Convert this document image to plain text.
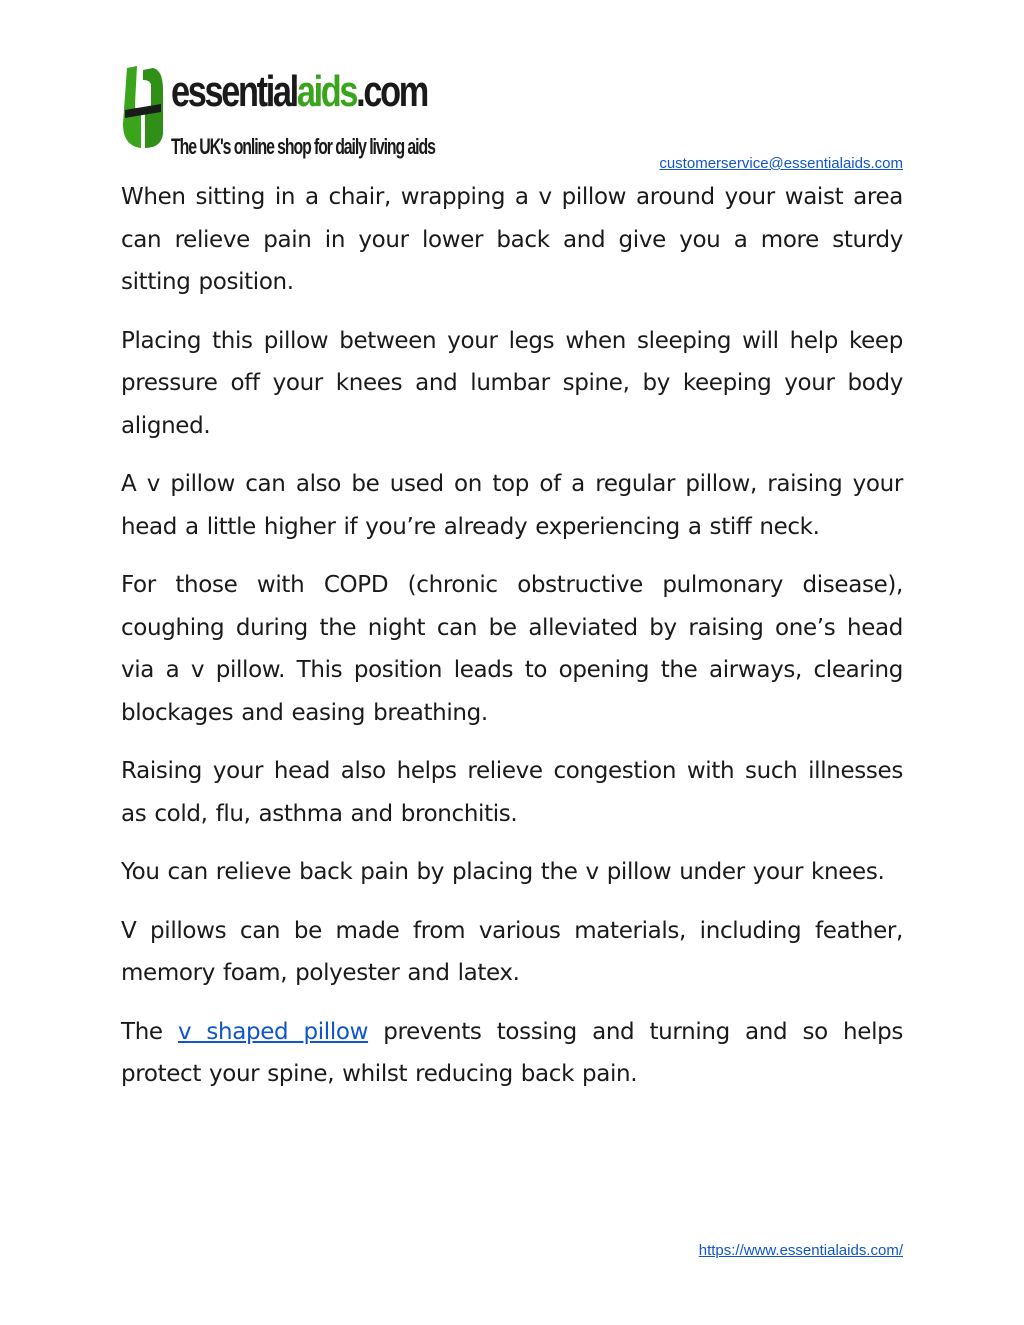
essentialaids.com
The UK's online shop for daily living aids
customerservice@essentialaids.com

When sitting in a chair, wrapping a v pillow around your waist area can relieve pain in your lower back and give you a more sturdy sitting position.

Placing this pillow between your legs when sleeping will help keep pressure off your knees and lumbar spine, by keeping your body aligned.

A v pillow can also be used on top of a regular pillow, raising your head a little higher if you’re already experiencing a stiff neck.

For those with COPD (chronic obstructive pulmonary disease), coughing during the night can be alleviated by raising one’s head via a v pillow. This position leads to opening the airways, clearing blockages and easing breathing.

Raising your head also helps relieve congestion with such illnesses as cold, flu, asthma and bronchitis.

You can relieve back pain by placing the v pillow under your knees.

V pillows can be made from various materials, including feather, memory foam, polyester and latex.

The v shaped pillow prevents tossing and turning and so helps protect your spine, whilst reducing back pain.

https://www.essentialaids.com/
